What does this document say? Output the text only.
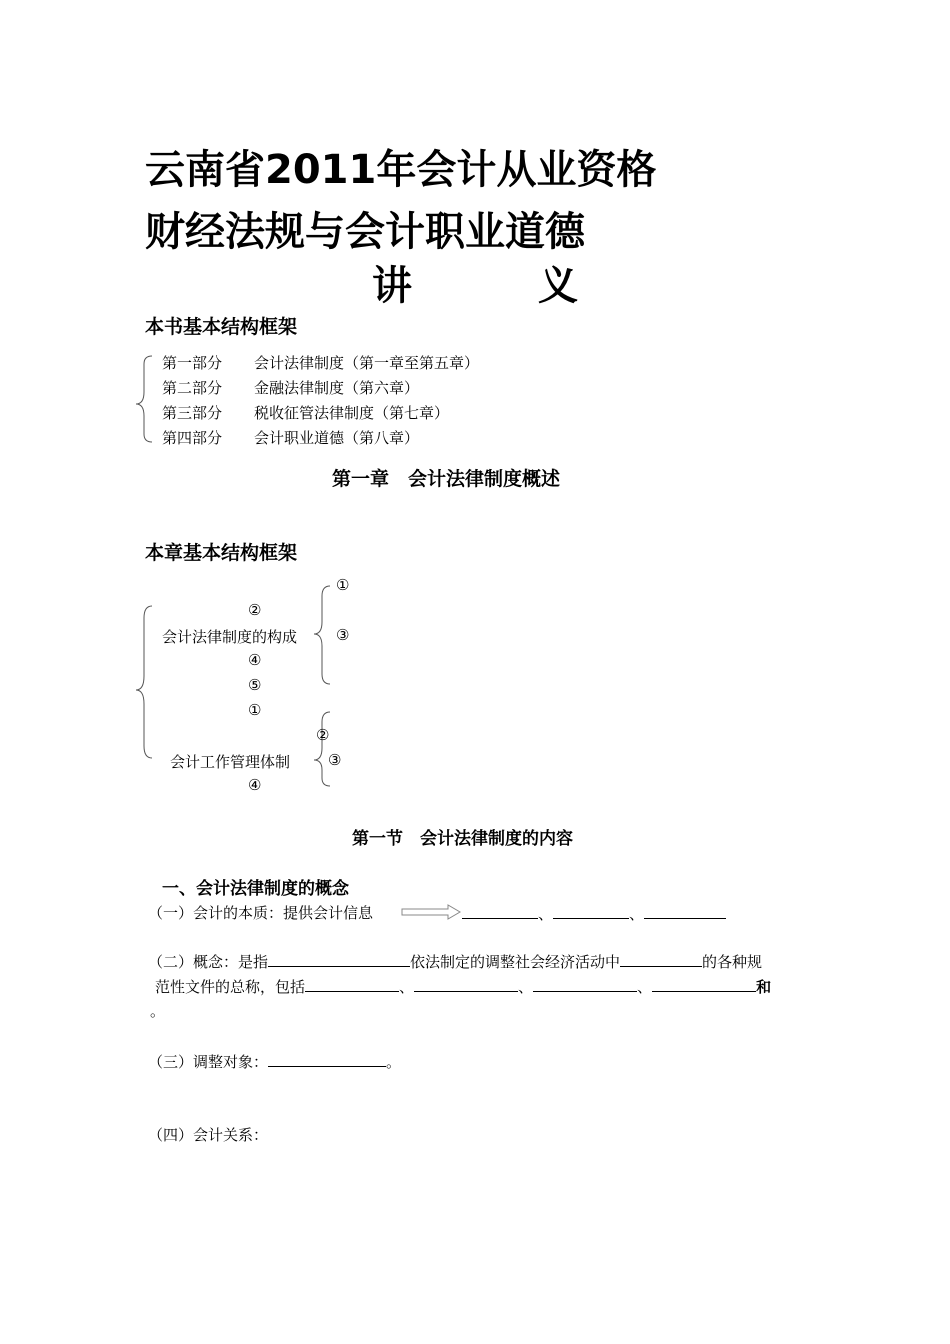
云南省2011年会计从业资格
财经法规与会计职业道德
讲	义
本书基本结构框架
第一部分 会计法律制度（第一章至第五章）
第二部分 金融法律制度（第六章）
第三部分 税收征管法律制度（第七章）
第四部分 会计职业道德（第八章）
第一章　会计法律制度概述
本章基本结构框架
①
②
会计法律制度的构成	③
④
⑤
①
②
会计工作管理体制	③
④
第一节　会计法律制度的内容
一、会计法律制度的概念
（一）会计的本质：提供会计信息	、	、
（二）概念：是指	依法制定的调整社会经济活动中	的各种规
范性文件的总称，包括	、	、	、	和
。
（三）调整对象：	。
（四）会计关系：
